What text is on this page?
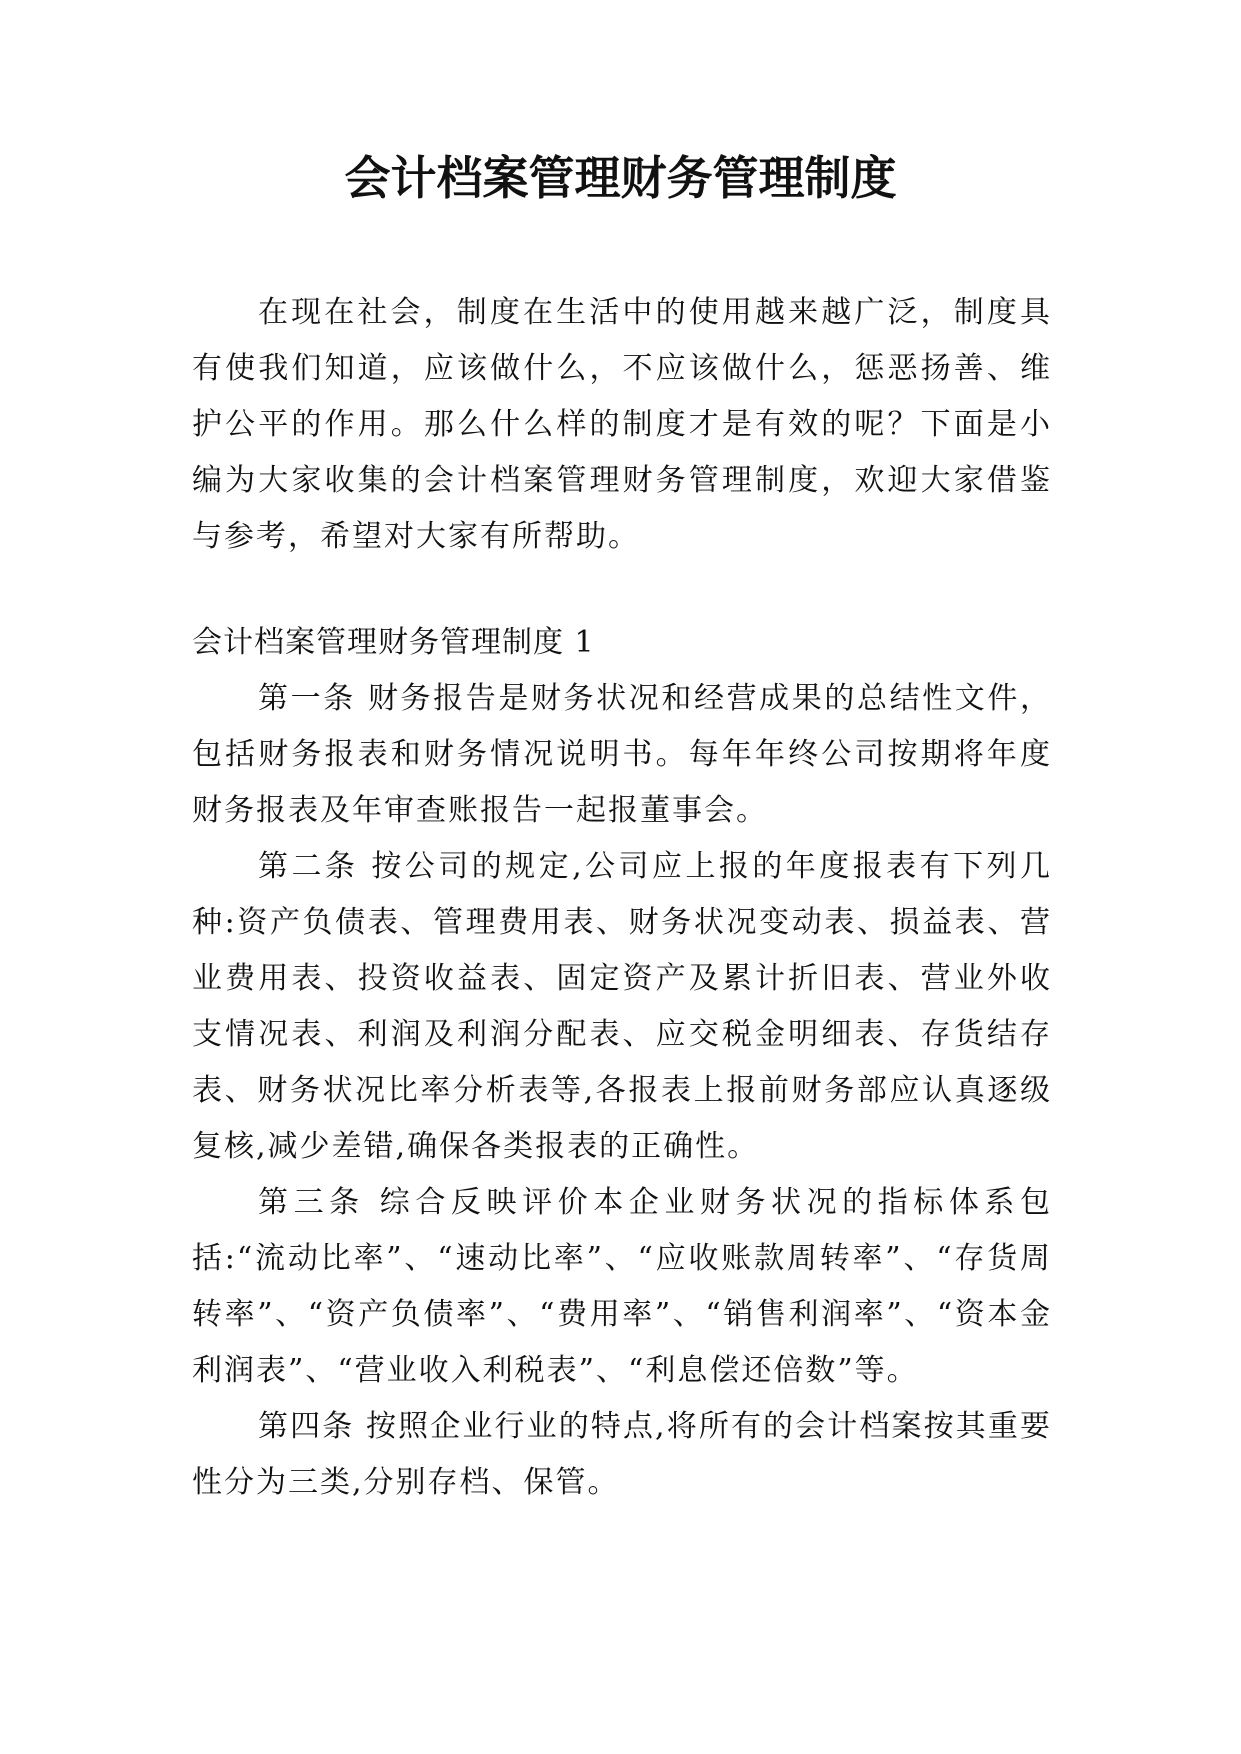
会计档案管理财务管理制度

在现在社会，制度在生活中的使用越来越广泛，制度具有使我们知道，应该做什么，不应该做什么，惩恶扬善、维护公平的作用。那么什么样的制度才是有效的呢？下面是小编为大家收集的会计档案管理财务管理制度，欢迎大家借鉴与参考，希望对大家有所帮助。

会计档案管理财务管理制度 1

第一条 财务报告是财务状况和经营成果的总结性文件，包括财务报表和财务情况说明书。每年年终公司按期将年度财务报表及年审查账报告一起报董事会。

第二条 按公司的规定,公司应上报的年度报表有下列几种:资产负债表、管理费用表、财务状况变动表、损益表、营业费用表、投资收益表、固定资产及累计折旧表、营业外收支情况表、利润及利润分配表、应交税金明细表、存货结存表、财务状况比率分析表等,各报表上报前财务部应认真逐级复核,减少差错,确保各类报表的正确性。

第三条 综合反映评价本企业财务状况的指标体系包括:“流动比率”、“速动比率”、“应收账款周转率”、“存货周转率”、“资产负债率”、“费用率”、“销售利润率”、“资本金利润表”、“营业收入利税表”、“利息偿还倍数”等。

第四条 按照企业行业的特点,将所有的会计档案按其重要性分为三类,分别存档、保管。
